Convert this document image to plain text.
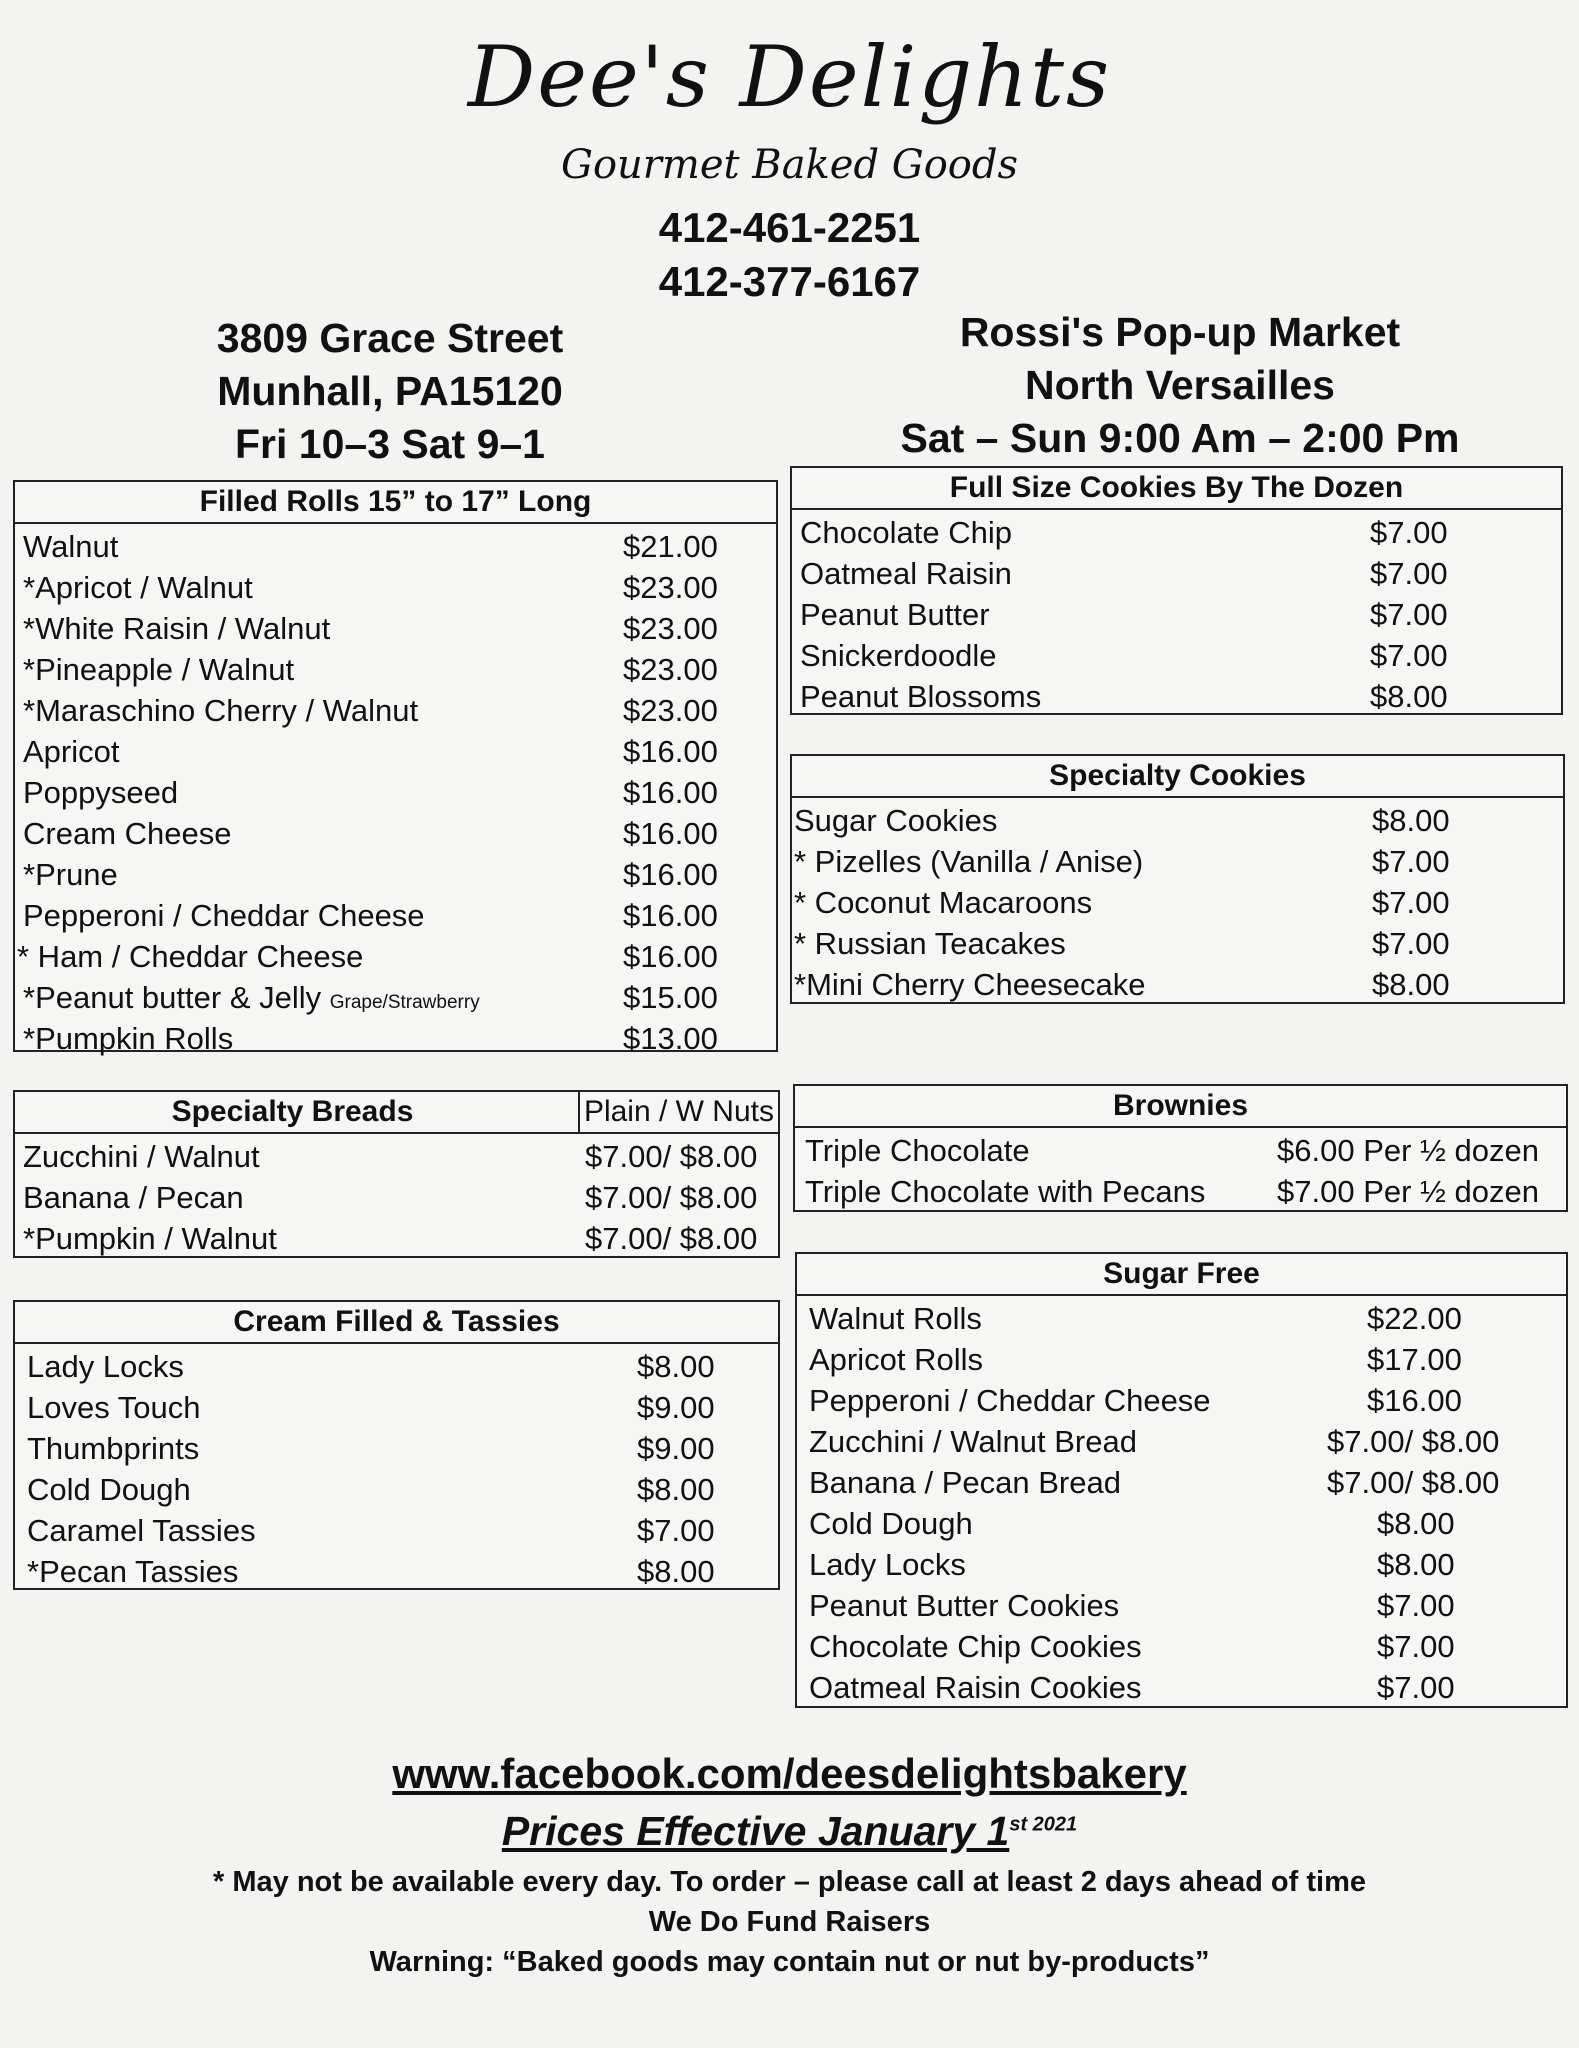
Dee's Delights
Gourmet Baked Goods
412-461-2251
412-377-6167
3809 Grace Street
Munhall, PA15120
Fri 10–3 Sat 9–1
Rossi's Pop-up Market
North Versailles
Sat – Sun 9:00 Am – 2:00 Pm
Filled Rolls 15” to 17” Long
Walnut	$21.00
*Apricot / Walnut	$23.00
*White Raisin / Walnut	$23.00
*Pineapple / Walnut	$23.00
*Maraschino Cherry / Walnut	$23.00
Apricot	$16.00
Poppyseed	$16.00
Cream Cheese	$16.00
*Prune	$16.00
Pepperoni / Cheddar Cheese	$16.00
* Ham / Cheddar Cheese	$16.00
*Peanut butter & Jelly Grape/Strawberry	$15.00
*Pumpkin Rolls	$13.00
Full Size Cookies By The Dozen
Chocolate Chip	$7.00
Oatmeal Raisin	$7.00
Peanut Butter	$7.00
Snickerdoodle	$7.00
Peanut Blossoms	$8.00
Specialty Cookies
Sugar Cookies	$8.00
* Pizelles (Vanilla / Anise)	$7.00
* Coconut Macaroons	$7.00
* Russian Teacakes	$7.00
*Mini Cherry Cheesecake	$8.00
Specialty Breads	Plain / W Nuts
Zucchini / Walnut	$7.00/ $8.00
Banana / Pecan	$7.00/ $8.00
*Pumpkin / Walnut	$7.00/ $8.00
Brownies
Triple Chocolate	$6.00 Per ½ dozen
Triple Chocolate with Pecans $7.00 Per ½ dozen
Cream Filled & Tassies
Lady Locks	$8.00
Loves Touch	$9.00
Thumbprints	$9.00
Cold Dough	$8.00
Caramel Tassies	$7.00
*Pecan Tassies	$8.00
Sugar Free
Walnut Rolls	$22.00
Apricot Rolls	$17.00
Pepperoni / Cheddar Cheese	$16.00
Zucchini / Walnut Bread	$7.00/ $8.00
Banana / Pecan Bread	$7.00/ $8.00
Cold Dough	$8.00
Lady Locks	$8.00
Peanut Butter Cookies	$7.00
Chocolate Chip Cookies	$7.00
Oatmeal Raisin Cookies	$7.00
www.facebook.com/deesdelightsbakery
Prices Effective January $1^{st 2021}$
* May not be available every day. To order – please call at least 2 days ahead of time
We Do Fund Raisers
Warning: “Baked goods may contain nut or nut by-products”
